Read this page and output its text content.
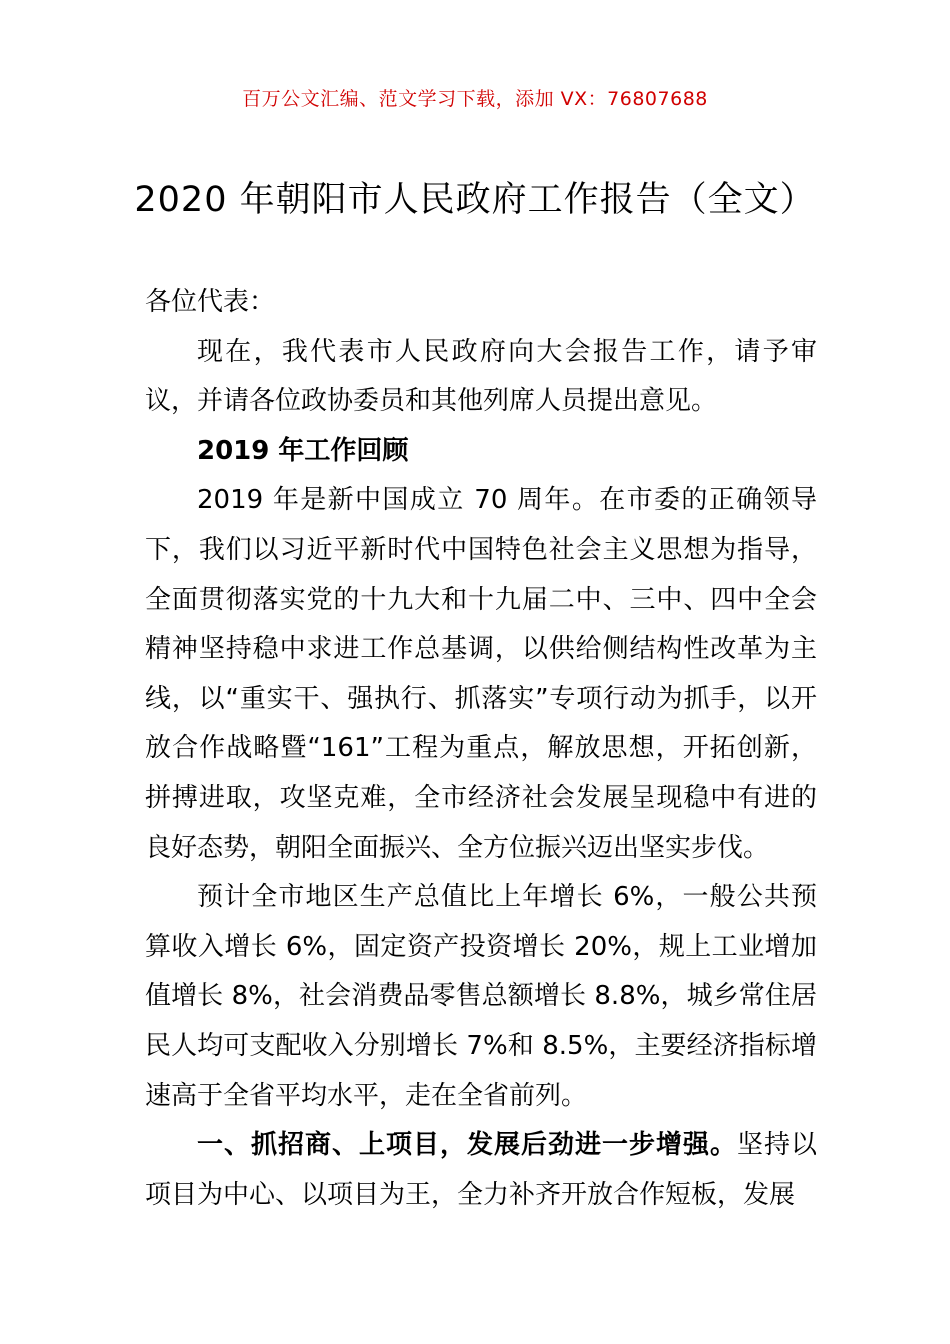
百万公文汇编、范文学习下载，添加 VX：76807688
2020 年朝阳市人民政府工作报告（全文）

各位代表：

现在，我代表市人民政府向大会报告工作，请予审议，并请各位政协委员和其他列席人员提出意见。

2019 年工作回顾

2019 年是新中国成立 70 周年。在市委的正确领导下，我们以习近平新时代中国特色社会主义思想为指导，全面贯彻落实党的十九大和十九届二中、三中、四中全会精神坚持稳中求进工作总基调，以供给侧结构性改革为主线，以“重实干、强执行、抓落实”专项行动为抓手，以开放合作战略暨“161”工程为重点，解放思想，开拓创新，拼搏进取，攻坚克难，全市经济社会发展呈现稳中有进的良好态势，朝阳全面振兴、全方位振兴迈出坚实步伐。

预计全市地区生产总值比上年增长 6%，一般公共预算收入增长 6%，固定资产投资增长 20%，规上工业增加值增长 8%，社会消费品零售总额增长 8.8%，城乡常住居民人均可支配收入分别增长 7%和 8.5%，主要经济指标增速高于全省平均水平，走在全省前列。

一、抓招商、上项目，发展后劲进一步增强。坚持以项目为中心、以项目为王，全力补齐开放合作短板，发展
